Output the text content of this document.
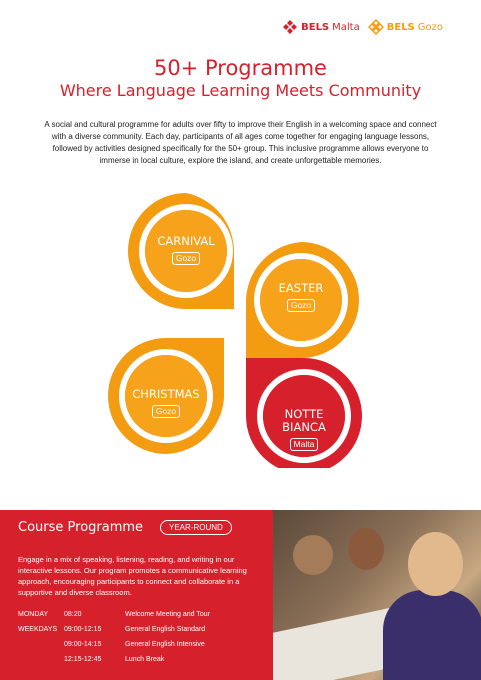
BELS Malta	BELS Gozo
50+ Programme
Where Language Learning Meets Community

A social and cultural programme for adults over fifty to improve their English in a welcoming space and connect with a diverse community. Each day, participants of all ages come together for engaging language lessons, followed by activities designed specifically for the 50+ group. This inclusive programme allows everyone to immerse in local culture, explore the island, and create unforgettable memories.

CARNIVAL
Gozo
EASTER
Gozo
CHRISTMAS
Gozo	NOTTE
BIANCA
Malta
Course Programme	YEAR-ROUND

Engage in a mix of speaking, listening, reading, and writing in our interactive lessons. Our program promotes a communicative learning approach, encouraging participants to connect and collaborate in a supportive and diverse classroom.

MONDAY 08:20	Welcome Meeting and Tour
WEEKDAYS 09:00-12:15	General English Standard
09:00-14:15	General English Intensive
12:15-12:45	Lunch Break
